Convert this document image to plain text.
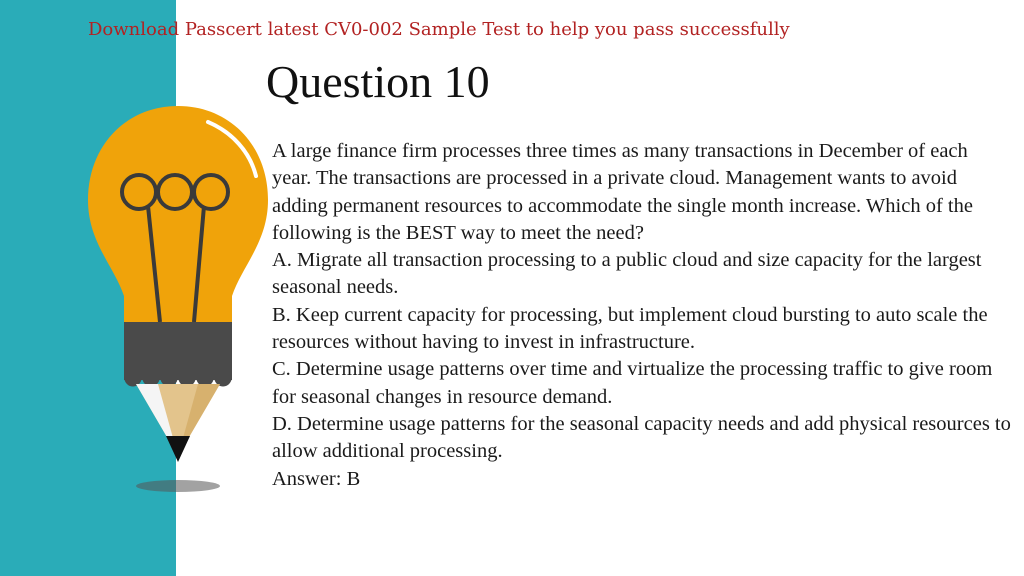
Download Passcert latest CV0-002 Sample Test to help you pass successfully

Question 10

A large finance firm processes three times as many transactions in December of each year. The transactions are processed in a private cloud. Management wants to avoid adding permanent resources to accommodate the single month increase. Which of the following is the BEST way to meet the need?

A. Migrate all transaction processing to a public cloud and size capacity for the largest seasonal needs.

B. Keep current capacity for processing, but implement cloud bursting to auto scale the resources without having to invest in infrastructure.

C. Determine usage patterns over time and virtualize the processing traffic to give room for seasonal changes in resource demand.

D. Determine usage patterns for the seasonal capacity needs and add physical resources to allow additional processing.

Answer: B
